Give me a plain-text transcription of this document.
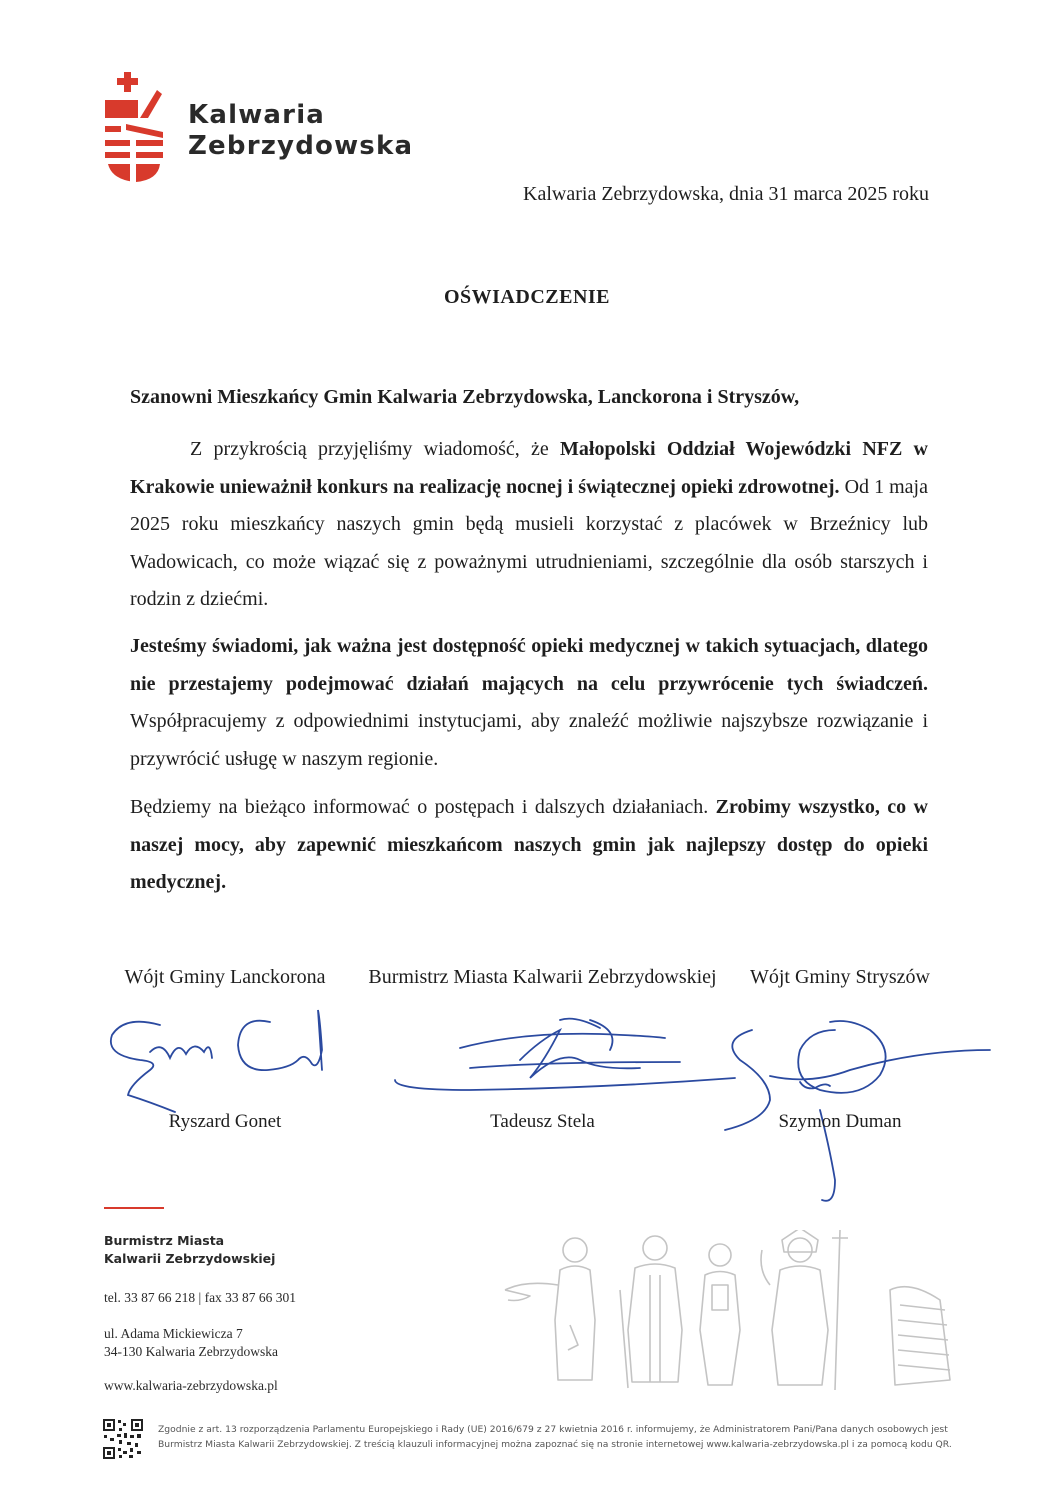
Kalwaria
Zebrzydowska
Kalwaria Zebrzydowska, dnia 31 marca 2025 roku
OŚWIADCZENIE
Szanowni Mieszkańcy Gmin Kalwaria Zebrzydowska, Lanckorona i Stryszów,

Z przykrością przyjęliśmy wiadomość, że Małopolski Oddział Wojewódzki NFZ w Krakowie unieważnił konkurs na realizację nocnej i świątecznej opieki zdrowotnej. Od 1 maja 2025 roku mieszkańcy naszych gmin będą musieli korzystać z placówek w Brzeźnicy lub Wadowicach, co może wiązać się z poważnymi utrudnieniami, szczególnie dla osób starszych i rodzin z dziećmi.

Jesteśmy świadomi, jak ważna jest dostępność opieki medycznej w takich sytuacjach, dlatego nie przestajemy podejmować działań mających na celu przywrócenie tych świadczeń. Współpracujemy z odpowiednimi instytucjami, aby znaleźć możliwie najszybsze rozwiązanie i przywrócić usługę w naszym regionie.

Będziemy na bieżąco informować o postępach i dalszych działaniach. Zrobimy wszystko, co w naszej mocy, aby zapewnić mieszkańcom naszych gmin jak najlepszy dostęp do opieki medycznej.

Wójt Gminy Lanckorona	Burmistrz Miasta Kalwarii Zebrzydowskiej	Wójt Gminy Stryszów
Ryszard Gonet	Tadeusz Stela	Szymon Duman
Burmistrz Miasta
Kalwarii Zebrzydowskiej
tel. 33 87 66 218 | fax 33 87 66 301
ul. Adama Mickiewicza 7
34-130 Kalwaria Zebrzydowska
www.kalwaria-zebrzydowska.pl
Zgodnie z art. 13 rozporządzenia Parlamentu Europejskiego i Rady (UE) 2016/679 z 27 kwietnia 2016 r. informujemy, że Administratorem Pani/Pana danych osobowych jest
Burmistrz Miasta Kalwarii Zebrzydowskiej. Z treścią klauzuli informacyjnej można zapoznać się na stronie internetowej www.kalwaria-zebrzydowska.pl i za pomocą kodu QR.
